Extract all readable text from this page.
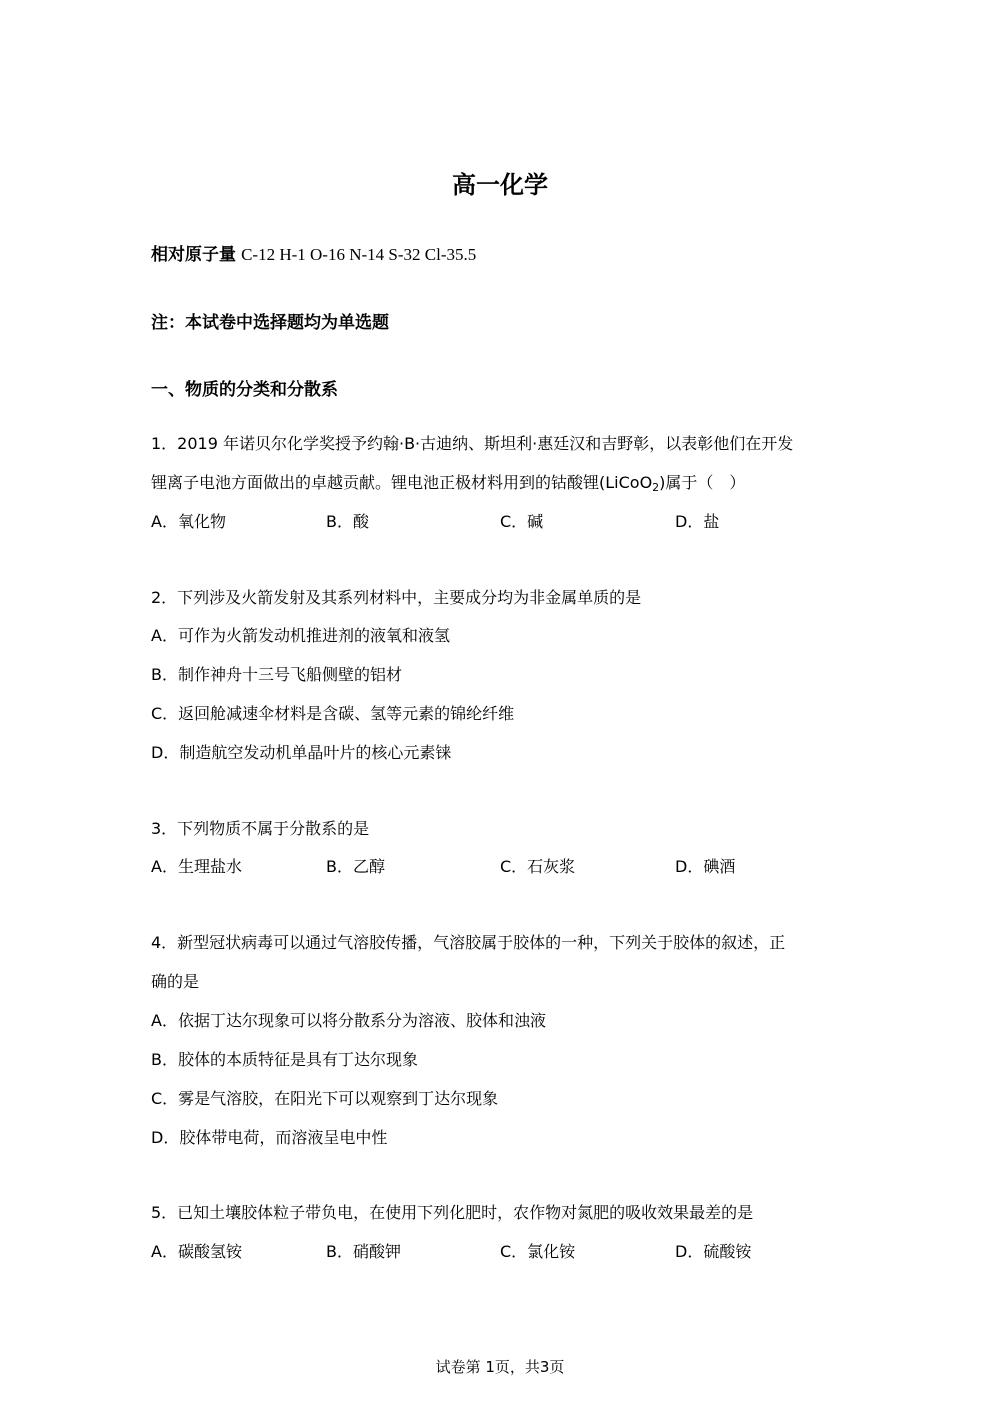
高一化学
相对原子量 C-12 H-1 O-16 N-14 S-32 Cl-35.5
注：本试卷中选择题均为单选题
一、物质的分类和分散系
1．2019 年诺贝尔化学奖授予约翰·B·古迪纳、斯坦利·惠廷汉和吉野彰，以表彰他们在开发
锂离子电池方面做出的卓越贡献。锂电池正极材料用到的钴酸锂(LiCoO$_2$)属于（　）
A．氧化物	B．酸	C．碱	D．盐
2．下列涉及火箭发射及其系列材料中，主要成分均为非金属单质的是
A．可作为火箭发动机推进剂的液氧和液氢
B．制作神舟十三号飞船侧壁的铝材
C．返回舱减速伞材料是含碳、氢等元素的锦纶纤维
D．制造航空发动机单晶叶片的核心元素铼
3．下列物质不属于分散系的是
A．生理盐水	B．乙醇	C．石灰浆	D．碘酒
4．新型冠状病毒可以通过气溶胶传播，气溶胶属于胶体的一种，下列关于胶体的叙述，正
确的是
A．依据丁达尔现象可以将分散系分为溶液、胶体和浊液
B．胶体的本质特征是具有丁达尔现象
C．雾是气溶胶，在阳光下可以观察到丁达尔现象
D．胶体带电荷，而溶液呈电中性
5．已知土壤胶体粒子带负电，在使用下列化肥时，农作物对氮肥的吸收效果最差的是
A．碳酸氢铵	B．硝酸钾	C．氯化铵	D．硫酸铵
试卷第 1页，共3页
